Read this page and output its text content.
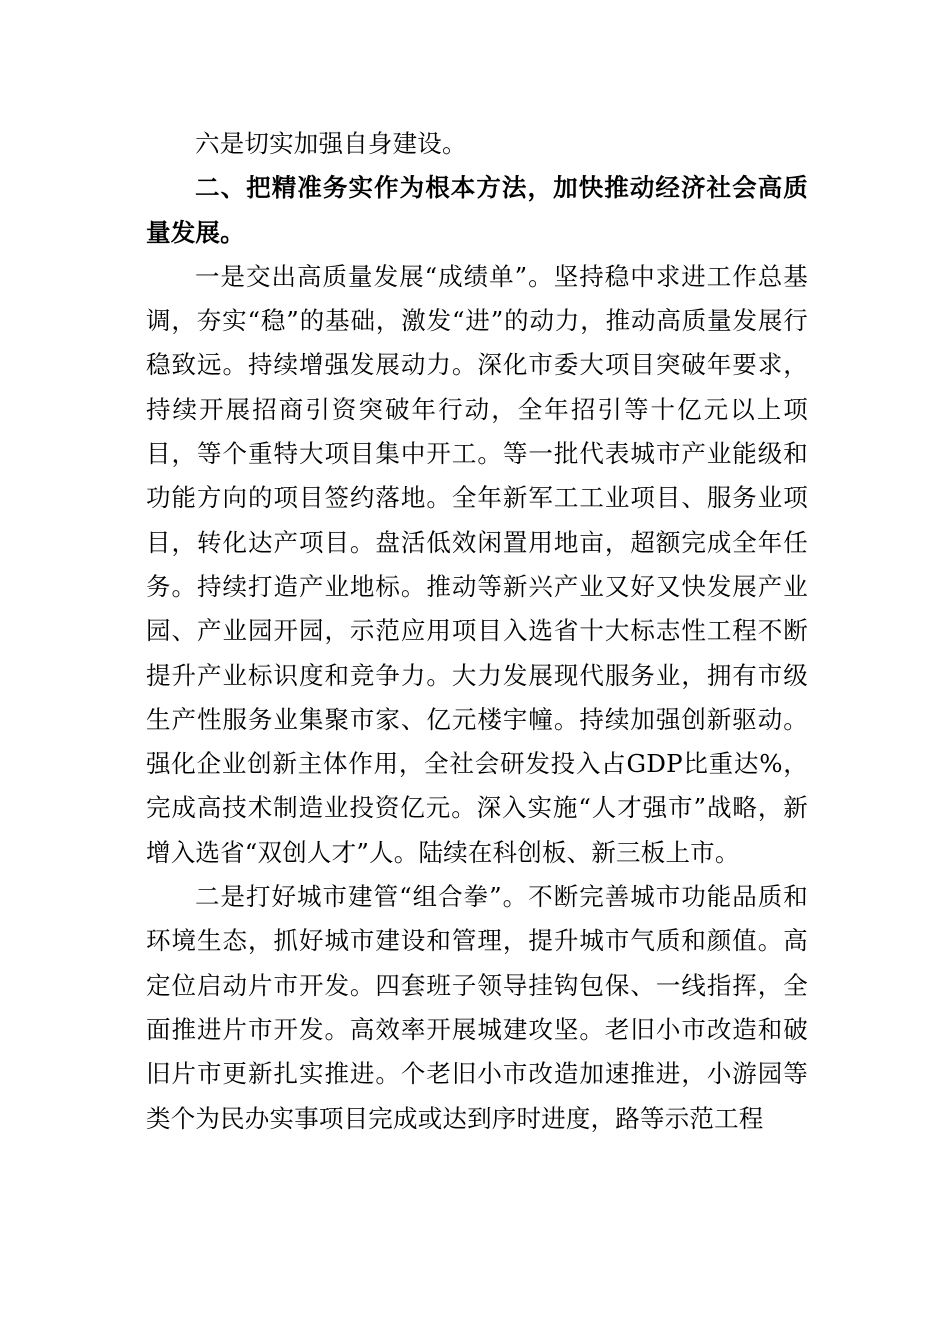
六是切实加强自身建设。

二、把精准务实作为根本方法，加快推动经济社会高质量发展。

一是交出高质量发展“成绩单”。坚持稳中求进工作总基调，夯实“稳”的基础，激发“进”的动力，推动高质量发展行稳致远。持续增强发展动力。深化市委大项目突破年要求，持续开展招商引资突破年行动，全年招引等十亿元以上项目，等个重特大项目集中开工。等一批代表城市产业能级和功能方向的项目签约落地。全年新军工工业项目、服务业项目，转化达产项目。盘活低效闲置用地亩，超额完成全年任务。持续打造产业地标。推动等新兴产业又好又快发展产业园、产业园开园，示范应用项目入选省十大标志性工程不断提升产业标识度和竞争力。大力发展现代服务业，拥有市级生产性服务业集聚市家、亿元楼宇幢。持续加强创新驱动。强化企业创新主体作用，全社会研发投入占GDP比重达%，完成高技术制造业投资亿元。深入实施“人才强市”战略，新增入选省“双创人才”人。陆续在科创板、新三板上市。

二是打好城市建管“组合拳”。不断完善城市功能品质和环境生态，抓好城市建设和管理，提升城市气质和颜值。高定位启动片市开发。四套班子领导挂钩包保、一线指挥，全面推进片市开发。高效率开展城建攻坚。老旧小市改造和破旧片市更新扎实推进。个老旧小市改造加速推进，小游园等类个为民办实事项目完成或达到序时进度，路等示范工程
